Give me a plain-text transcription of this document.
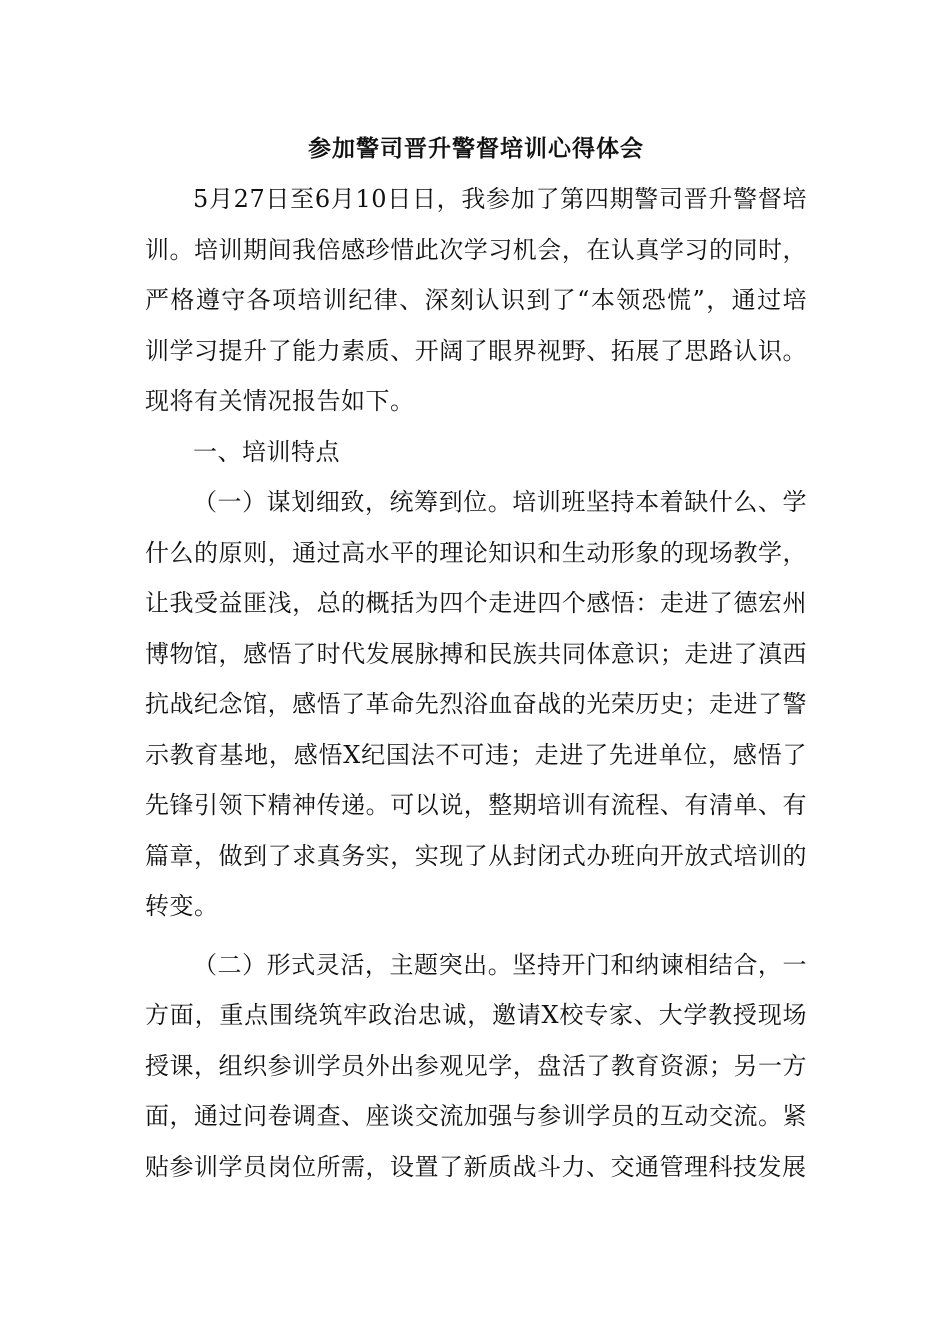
参加警司晋升警督培训心得体会

5月27日至6月10日日，我参加了第四期警司晋升警督培训。培训期间我倍感珍惜此次学习机会，在认真学习的同时，严格遵守各项培训纪律、深刻认识到了“本领恐慌”，通过培训学习提升了能力素质、开阔了眼界视野、拓展了思路认识。现将有关情况报告如下。

一、培训特点

（一）谋划细致，统筹到位。培训班坚持本着缺什么、学什么的原则，通过高水平的理论知识和生动形象的现场教学，让我受益匪浅，总的概括为四个走进四个感悟：走进了德宏州博物馆，感悟了时代发展脉搏和民族共同体意识；走进了滇西抗战纪念馆，感悟了革命先烈浴血奋战的光荣历史；走进了警示教育基地，感悟X纪国法不可违；走进了先进单位，感悟了先锋引领下精神传递。可以说，整期培训有流程、有清单、有篇章，做到了求真务实，实现了从封闭式办班向开放式培训的转变。

（二）形式灵活，主题突出。坚持开门和纳谏相结合，一方面，重点围绕筑牢政治忠诚，邀请X校专家、大学教授现场授课，组织参训学员外出参观见学，盘活了教育资源；另一方面，通过问卷调查、座谈交流加强与参训学员的互动交流。紧贴参训学员岗位所需，设置了新质战斗力、交通管理科技发展
